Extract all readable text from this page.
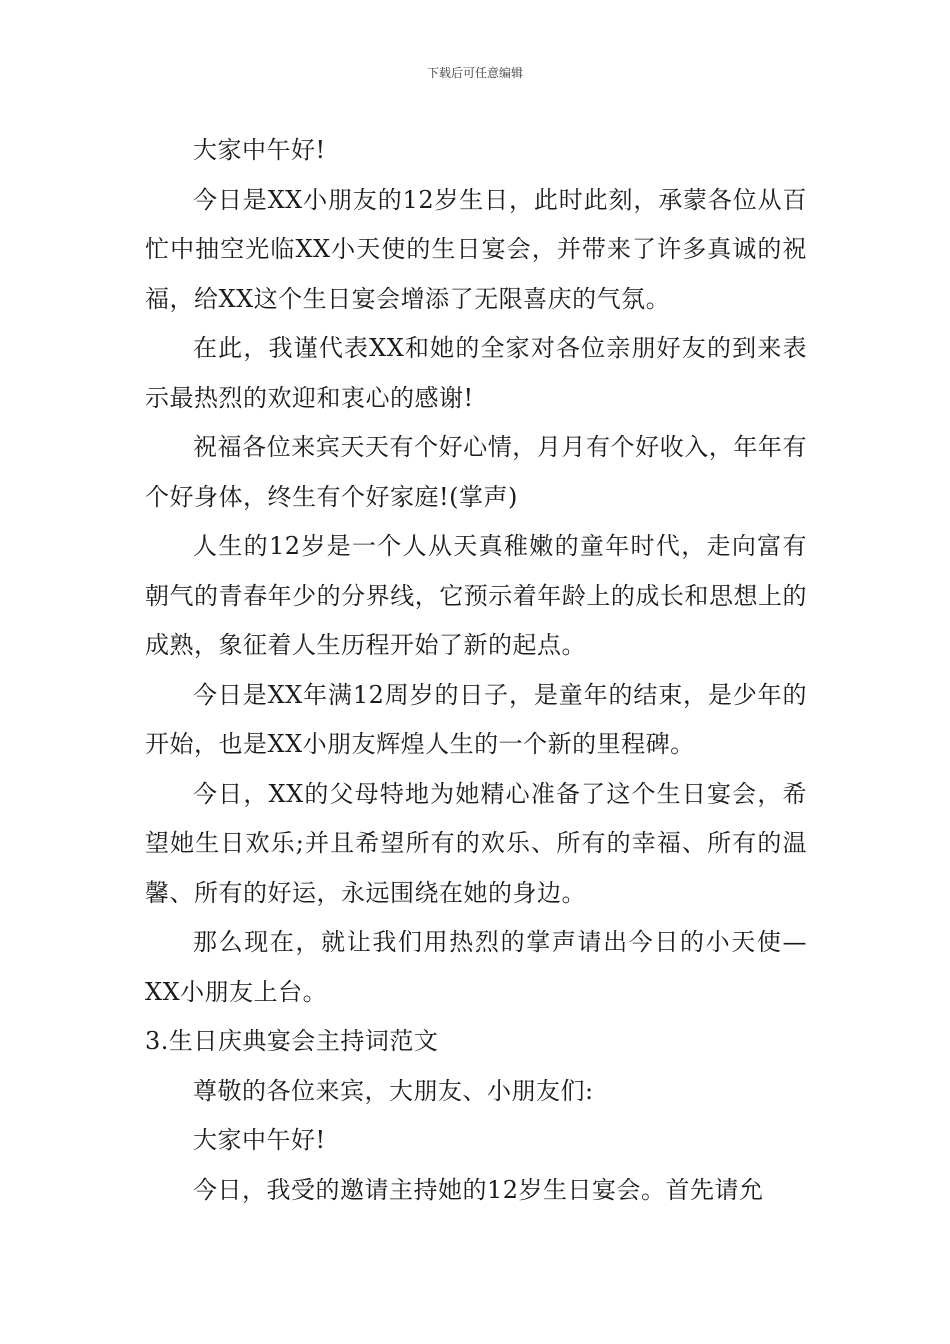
下载后可任意编辑

大家中午好!

今日是XX小朋友的12岁生日，此时此刻，承蒙各位从百忙中抽空光临XX小天使的生日宴会，并带来了许多真诚的祝福，给XX这个生日宴会增添了无限喜庆的气氛。

在此，我谨代表XX和她的全家对各位亲朋好友的到来表示最热烈的欢迎和衷心的感谢!

祝福各位来宾天天有个好心情，月月有个好收入，年年有个好身体，终生有个好家庭!(掌声)

人生的12岁是一个人从天真稚嫩的童年时代，走向富有朝气的青春年少的分界线，它预示着年龄上的成长和思想上的成熟，象征着人生历程开始了新的起点。

今日是XX年满12周岁的日子，是童年的结束，是少年的开始，也是XX小朋友辉煌人生的一个新的里程碑。

今日，XX的父母特地为她精心准备了这个生日宴会，希望她生日欢乐;并且希望所有的欢乐、所有的幸福、所有的温馨、所有的好运，永远围绕在她的身边。

那么现在，就让我们用热烈的掌声请出今日的小天使—XX小朋友上台。

3.生日庆典宴会主持词范文

尊敬的各位来宾，大朋友、小朋友们:

大家中午好!

今日，我受的邀请主持她的12岁生日宴会。首先请允
